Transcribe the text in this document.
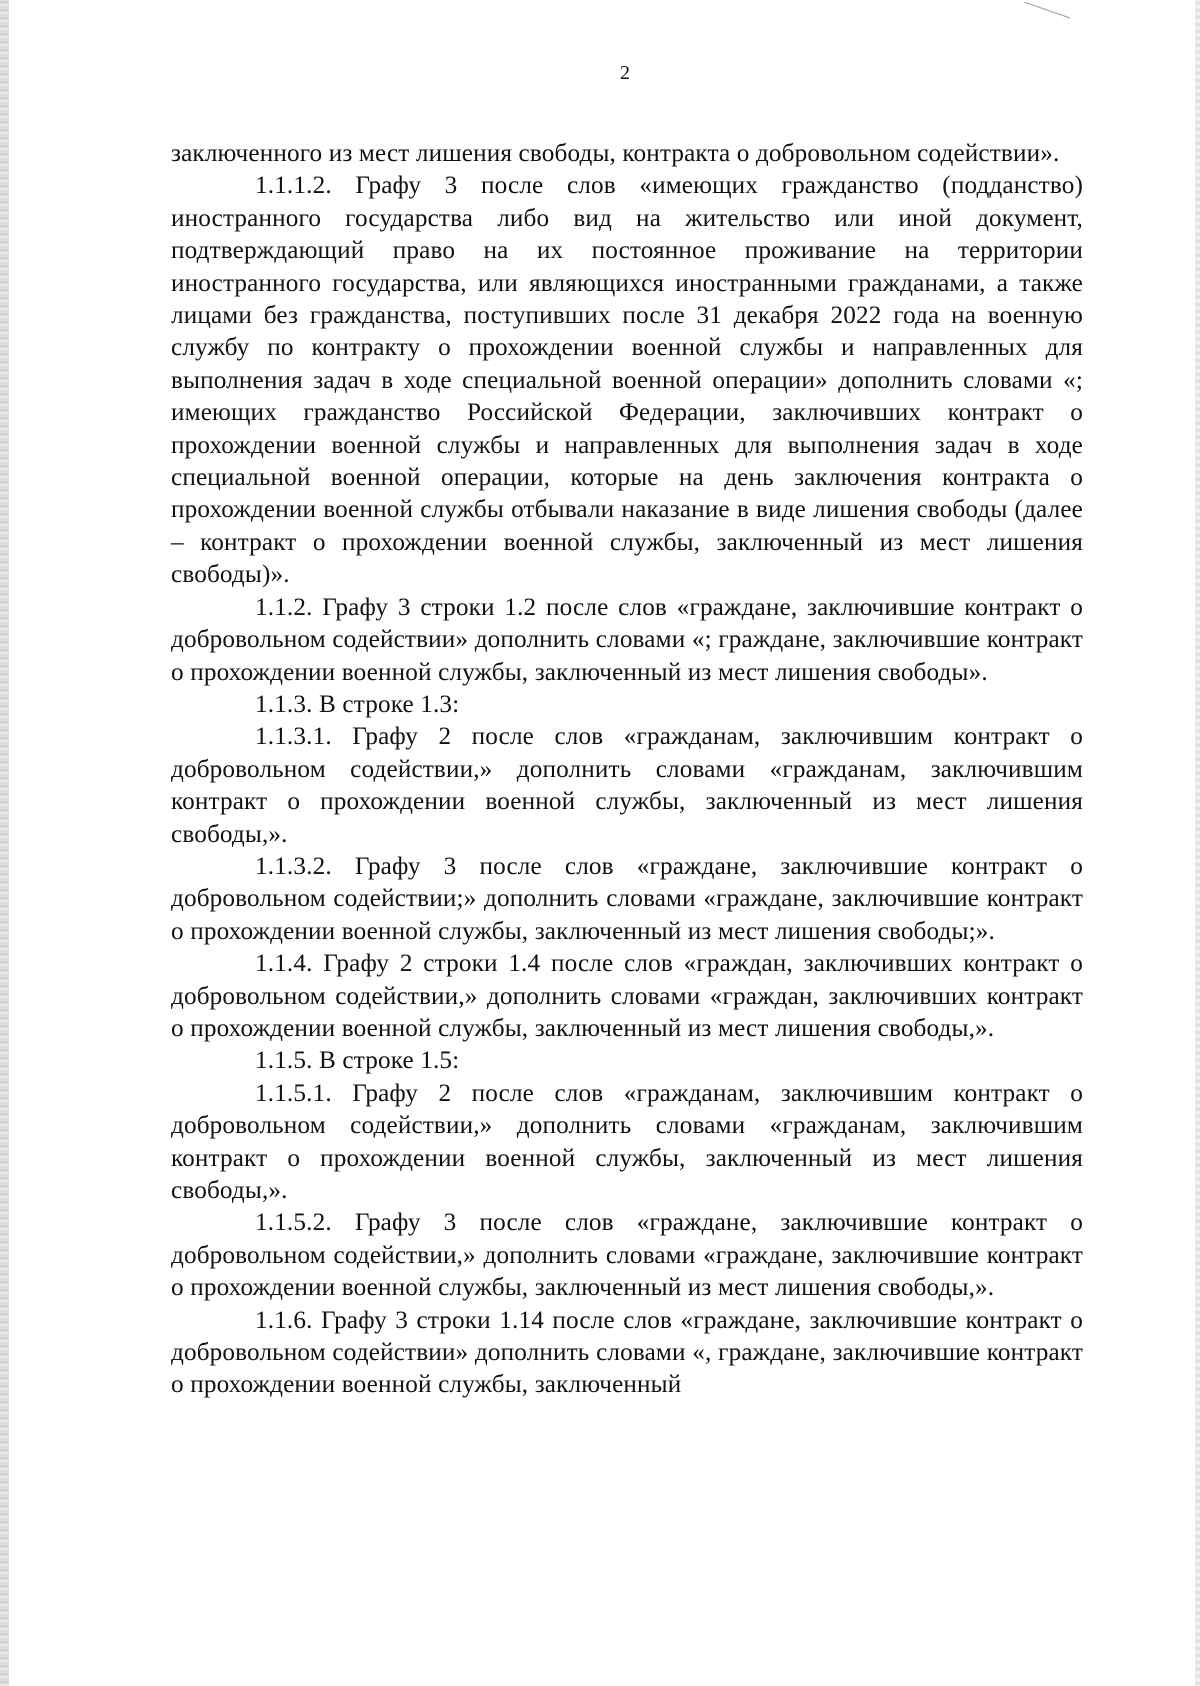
2

заключенного из мест лишения свободы, контракта о добровольном содействии».

1.1.1.2. Графу 3 после слов «имеющих гражданство (подданство) иностранного государства либо вид на жительство или иной документ, подтверждающий право на их постоянное проживание на территории иностранного государства, или являющихся иностранными гражданами, а также лицами без гражданства, поступивших после 31 декабря 2022 года на военную службу по контракту о прохождении военной службы и направленных для выполнения задач в ходе специальной военной операции» дополнить словами «; имеющих гражданство Российской Федерации, заключивших контракт о прохождении военной службы и направленных для выполнения задач в ходе специальной военной операции, которые на день заключения контракта о прохождении военной службы отбывали наказание в виде лишения свободы (далее – контракт о прохождении военной службы, заключенный из мест лишения свободы)».

1.1.2. Графу 3 строки 1.2 после слов «граждане, заключившие контракт о добровольном содействии» дополнить словами «; граждане, заключившие контракт о прохождении военной службы, заключенный из мест лишения свободы».

1.1.3. В строке 1.3:

1.1.3.1. Графу 2 после слов «гражданам, заключившим контракт о добровольном содействии,» дополнить словами «гражданам, заключившим контракт о прохождении военной службы, заключенный из мест лишения свободы,».

1.1.3.2. Графу 3 после слов «граждане, заключившие контракт о добровольном содействии;» дополнить словами «граждане, заключившие контракт о прохождении военной службы, заключенный из мест лишения свободы;».

1.1.4. Графу 2 строки 1.4 после слов «граждан, заключивших контракт о добровольном содействии,» дополнить словами «граждан, заключивших контракт о прохождении военной службы, заключенный из мест лишения свободы,».

1.1.5. В строке 1.5:

1.1.5.1. Графу 2 после слов «гражданам, заключившим контракт о добровольном содействии,» дополнить словами «гражданам, заключившим контракт о прохождении военной службы, заключенный из мест лишения свободы,».

1.1.5.2. Графу 3 после слов «граждане, заключившие контракт о добровольном содействии,» дополнить словами «граждане, заключившие контракт о прохождении военной службы, заключенный из мест лишения свободы,».

1.1.6. Графу 3 строки 1.14 после слов «граждане, заключившие контракт о добровольном содействии» дополнить словами «, граждане, заключившие контракт о прохождении военной службы, заключенный
